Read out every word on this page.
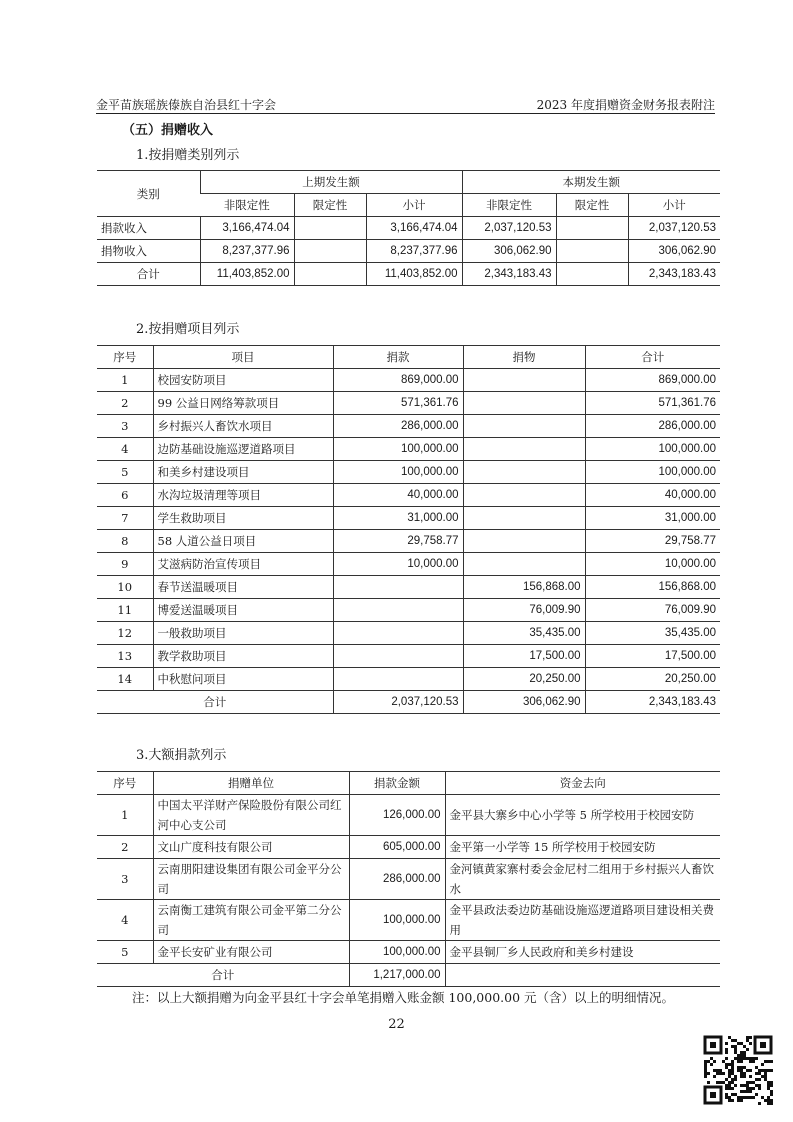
金平苗族瑶族傣族自治县红十字会	2023 年度捐赠资金财务报表附注
（五）捐赠收入
1.按捐赠类别列示
类别	上期发生额			本期发生额		
	非限定性	限定性	小计	非限定性	限定性	小计
捐款收入	3,166,474.04		3,166,474.04	2,037,120.53		2,037,120.53
捐物收入	8,237,377.96		8,237,377.96	306,062.90		306,062.90
合计	11,403,852.00		11,403,852.00	2,343,183.43		2,343,183.43
2.按捐赠项目列示
序号	项目	捐款	捐物	合计
1	校园安防项目	869,000.00		869,000.00
2	99 公益日网络筹款项目	571,361.76		571,361.76
3	乡村振兴人畜饮水项目	286,000.00		286,000.00
4	边防基础设施巡逻道路项目	100,000.00		100,000.00
5	和美乡村建设项目	100,000.00		100,000.00
6	水沟垃圾清理等项目	40,000.00		40,000.00
7	学生救助项目	31,000.00		31,000.00
8	58 人道公益日项目	29,758.77		29,758.77
9	艾滋病防治宣传项目	10,000.00		10,000.00
10	春节送温暖项目		156,868.00	156,868.00
11	博爱送温暖项目		76,009.90	76,009.90
12	一般救助项目		35,435.00	35,435.00
13	教学救助项目		17,500.00	17,500.00
14	中秋慰问项目		20,250.00	20,250.00
合计		2,037,120.53	306,062.90	2,343,183.43
3.大额捐款列示
序号	捐赠单位	捐款金额	资金去向
1	中国太平洋财产保险股份有限公司红河中心支公司	126,000.00	金平县大寨乡中心小学等 5 所学校用于校园安防
2	文山广度科技有限公司	605,000.00	金平第一小学等 15 所学校用于校园安防
3	云南朋阳建设集团有限公司金平分公司	286,000.00	金河镇黄家寨村委会金尼村二组用于乡村振兴人畜饮水
4	云南衡工建筑有限公司金平第二分公司	100,000.00	金平县政法委边防基础设施巡逻道路项目建设相关费用
5	金平长安矿业有限公司	100,000.00	金平县铜厂乡人民政府和美乡村建设
合计		1,217,000.00	
注：以上大额捐赠为向金平县红十字会单笔捐赠入账金额 100,000.00 元（含）以上的明细情况。
22
